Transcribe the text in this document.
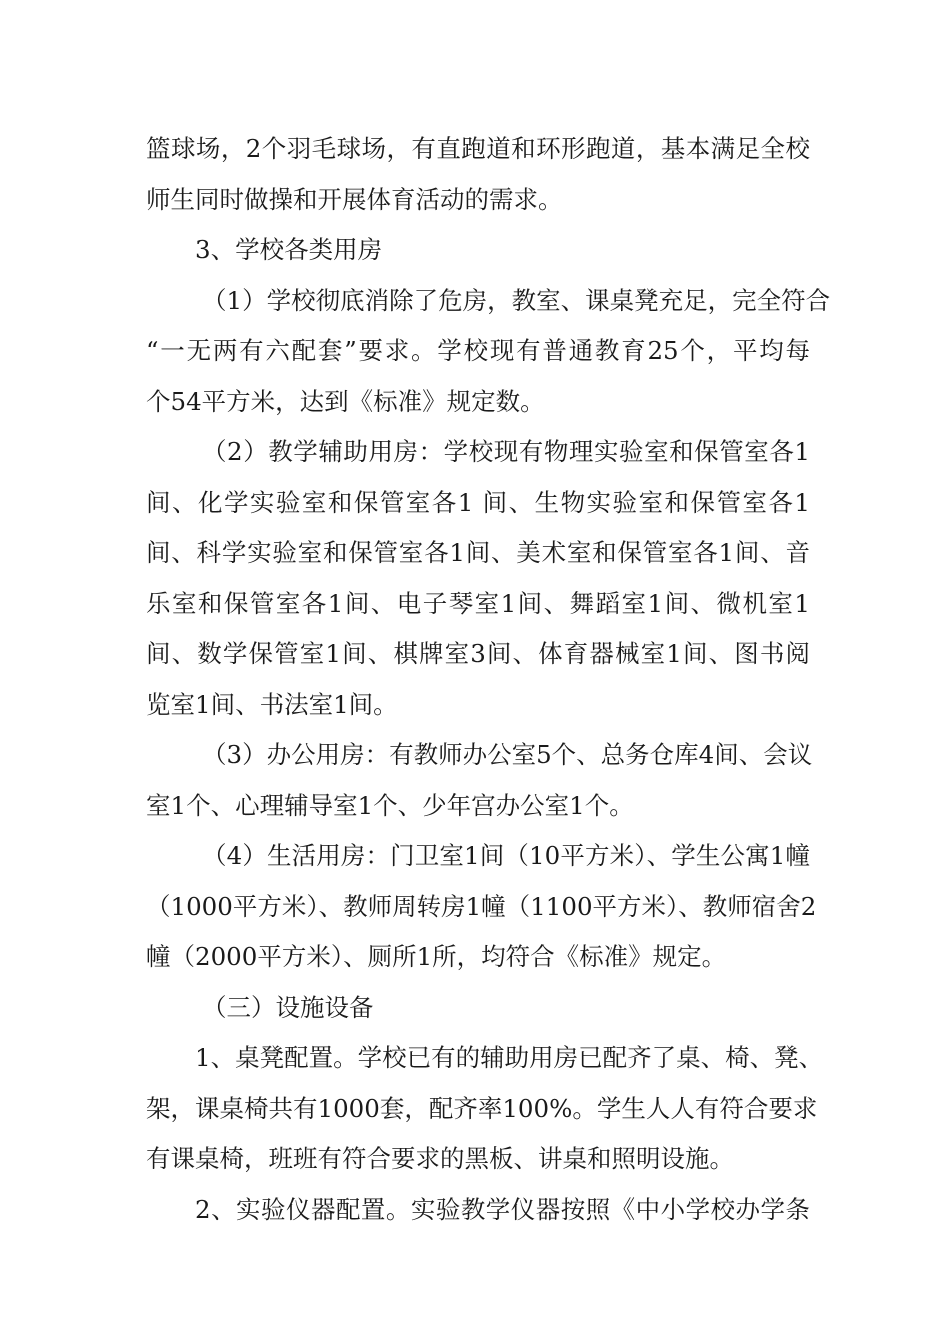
篮球场，2个羽毛球场，有直跑道和环形跑道，基本满足全校
师生同时做操和开展体育活动的需求。
3、学校各类用房
（1）学校彻底消除了危房，教室、课桌凳充足，完全符合
“一无两有六配套”要求。学校现有普通教育25个，平均每
个54平方米，达到《标准》规定数。
（2）教学辅助用房：学校现有物理实验室和保管室各1
间、化学实验室和保管室各1 间、生物实验室和保管室各1
间、科学实验室和保管室各1间、美术室和保管室各1间、音
乐室和保管室各1间、电子琴室1间、舞蹈室1间、微机室1
间、数学保管室1间、棋牌室3间、体育器械室1间、图书阅
览室1间、书法室1间。
（3）办公用房：有教师办公室5个、总务仓库4间、会议
室1个、心理辅导室1个、少年宫办公室1个。
（4）生活用房：门卫室1间（10平方米）、学生公寓1幢
（1000平方米）、教师周转房1幢（1100平方米）、教师宿舍2
幢（2000平方米）、厕所1所，均符合《标准》规定。
（三）设施设备
1、桌凳配置。学校已有的辅助用房已配齐了桌、椅、凳、
架，课桌椅共有1000套，配齐率100%。学生人人有符合要求
有课桌椅，班班有符合要求的黑板、讲桌和照明设施。
2、实验仪器配置。实验教学仪器按照《中小学校办学条
